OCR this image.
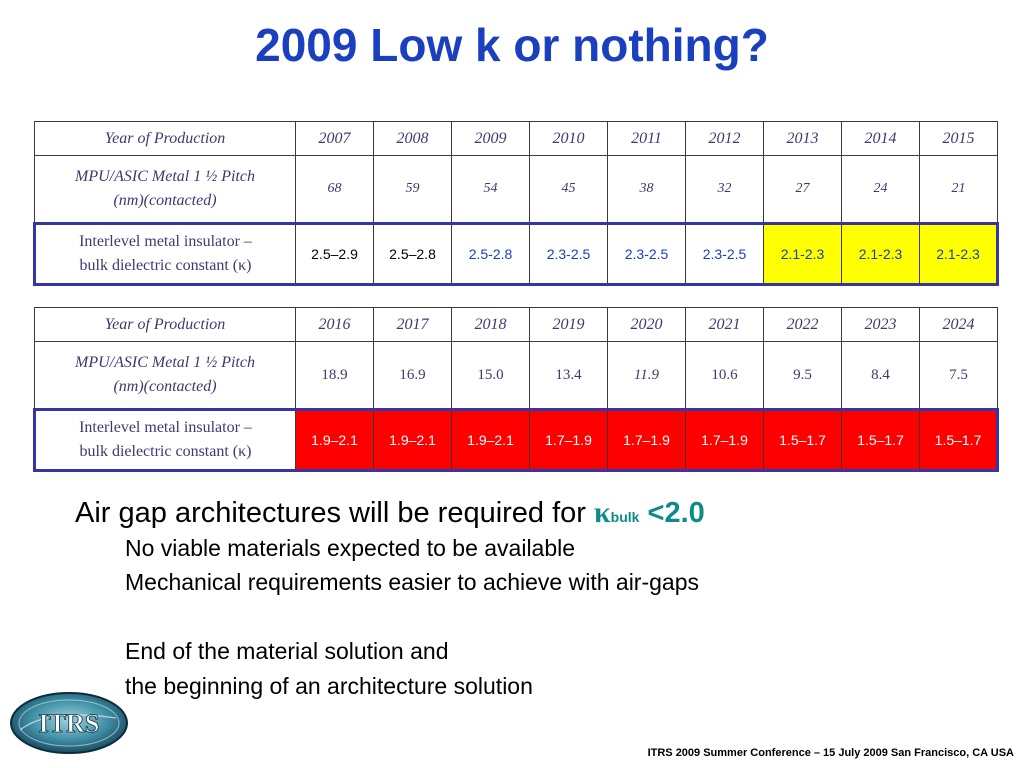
2009 Low k or nothing?
Year of Production	2007	2008	2009	2010	2011	2012	2013	2014	2015
MPU/ASIC Metal 1 ½ Pitch
(nm)(contacted)	68	59	54	45	38	32	27	24	21
Interlevel metal insulator –
bulk dielectric constant (κ)	2.5–2.9	2.5–2.8	2.5-2.8	2.3-2.5	2.3-2.5	2.3-2.5	2.1-2.3	2.1-2.3	2.1-2.3
Year of Production	2016	2017	2018	2019	2020	2021	2022	2023	2024
MPU/ASIC Metal 1 ½ Pitch
(nm)(contacted)	18.9	16.9	15.0	13.4	11.9	10.6	9.5	8.4	7.5
Interlevel metal insulator –
bulk dielectric constant (κ)	1.9–2.1	1.9–2.1	1.9–2.1	1.7–1.9	1.7–1.9	1.7–1.9	1.5–1.7	1.5–1.7	1.5–1.7
Air gap architectures will be required for κbulk <2.0
No viable materials expected to be available
Mechanical requirements easier to achieve with air-gaps
End of the material solution and
the beginning of an architecture solution
ITRS
ITRS 2009 Summer Conference – 15 July 2009 San Francisco, CA USA
